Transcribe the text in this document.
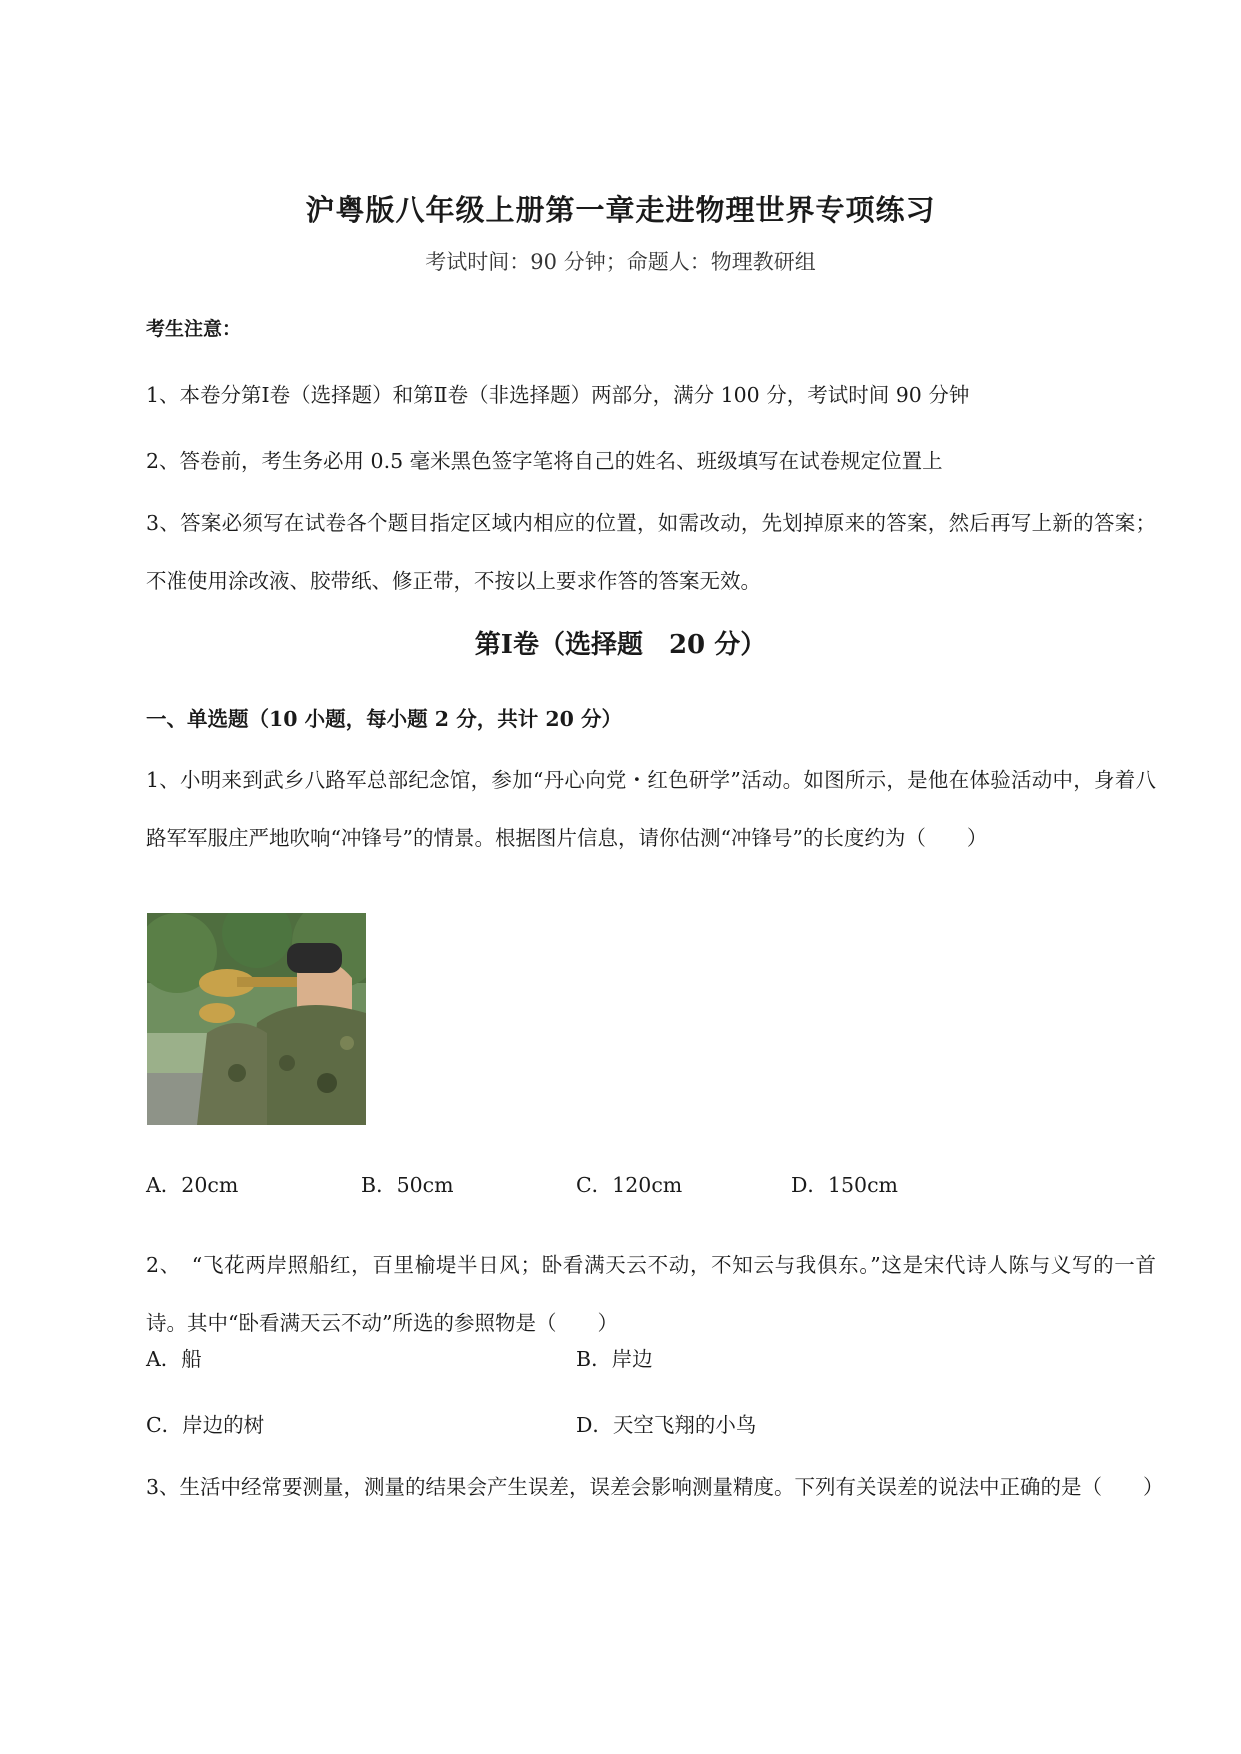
沪粤版八年级上册第一章走进物理世界专项练习
考试时间：90 分钟；命题人：物理教研组
考生注意：
1、本卷分第Ⅰ卷（选择题）和第Ⅱ卷（非选择题）两部分，满分 100 分，考试时间 90 分钟
2、答卷前，考生务必用 0.5 毫米黑色签字笔将自己的姓名、班级填写在试卷规定位置上
3、答案必须写在试卷各个题目指定区域内相应的位置，如需改动，先划掉原来的答案，然后再写上新的答案；不准使用涂改液、胶带纸、修正带，不按以上要求作答的答案无效。
第Ⅰ卷（选择题　20 分）
一、单选题（10 小题，每小题 2 分，共计 20 分）
1、小明来到武乡八路军总部纪念馆，参加“丹心向党・红色研学”活动。如图所示，是他在体验活动中，身着八路军军服庄严地吹响“冲锋号”的情景。根据图片信息，请你估测“冲锋号”的长度约为（　　）
A．20cm	B．50cm	C．120cm	D．150cm
2、　“飞花两岸照船红，百里榆堤半日风；卧看满天云不动，不知云与我俱东。”这是宋代诗人陈与义写的一首诗。其中“卧看满天云不动”所选的参照物是（　　）
A．船	B．岸边
C．岸边的树	D．天空飞翔的小鸟
3、生活中经常要测量，测量的结果会产生误差，误差会影响测量精度。下列有关误差的说法中正确的是（　　）
